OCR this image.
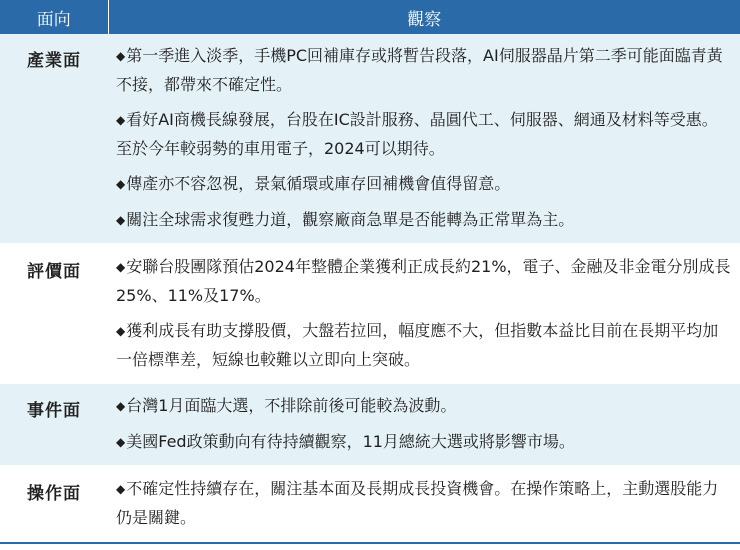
面向	觀察
產業面	◆第一季進入淡季，手機PC回補庫存或將暫告段落，AI伺服器晶片第二季可能面臨青黃不接，都帶來不確定性。
◆看好AI商機長線發展，台股在IC設計服務、晶圓代工、伺服器、網通及材料等受惠。至於今年較弱勢的車用電子，2024可以期待。
◆傳產亦不容忽視，景氣循環或庫存回補機會值得留意。
◆關注全球需求復甦力道，觀察廠商急單是否能轉為正常單為主。

評價面	◆安聯台股團隊預估2024年整體企業獲利正成長約21%，電子、金融及非金電分別成長25%、11%及17%。
◆獲利成長有助支撐股價，大盤若拉回，幅度應不大，但指數本益比目前在長期平均加一倍標準差，短線也較難以立即向上突破。

事件面	◆台灣1月面臨大選，不排除前後可能較為波動。
◆美國Fed政策動向有待持續觀察，11月總統大選或將影響市場。

操作面	◆不確定性持續存在，關注基本面及長期成長投資機會。在操作策略上，主動選股能力仍是關鍵。
